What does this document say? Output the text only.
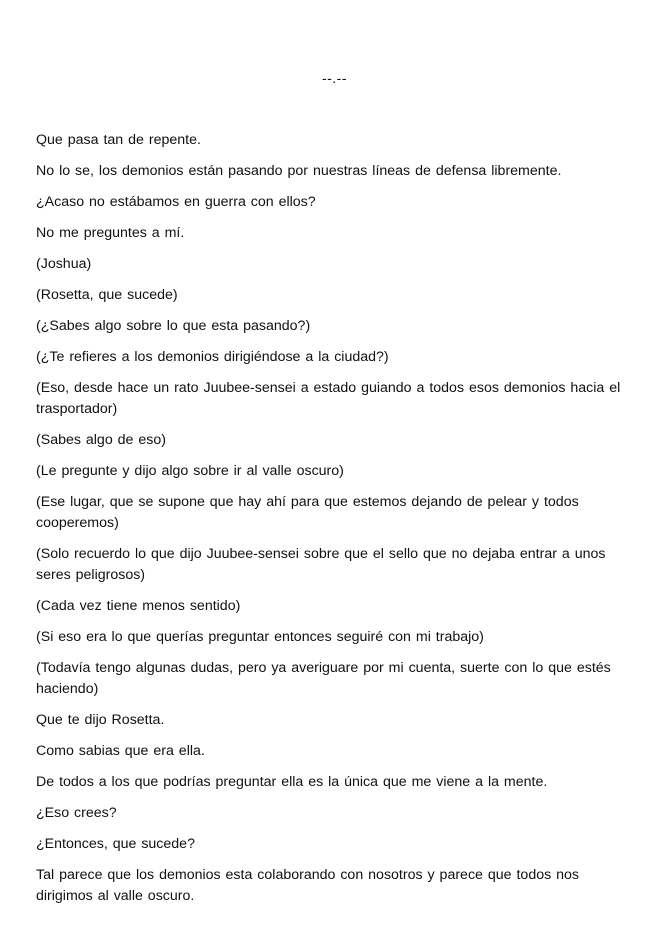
--.--

Que pasa tan de repente.

No lo se, los demonios están pasando por nuestras líneas de defensa libremente.

¿Acaso no estábamos en guerra con ellos?

No me preguntes a mí.

(Joshua)

(Rosetta, que sucede)

(¿Sabes algo sobre lo que esta pasando?)

(¿Te refieres a los demonios dirigiéndose a la ciudad?)

(Eso, desde hace un rato Juubee-sensei a estado guiando a todos esos demonios hacia el trasportador)

(Sabes algo de eso)

(Le pregunte y dijo algo sobre ir al valle oscuro)

(Ese lugar, que se supone que hay ahí para que estemos dejando de pelear y todos cooperemos)

(Solo recuerdo lo que dijo Juubee-sensei sobre que el sello que no dejaba entrar a unos seres peligrosos)

(Cada vez tiene menos sentido)

(Si eso era lo que querías preguntar entonces seguiré con mi trabajo)

(Todavía tengo algunas dudas, pero ya averiguare por mi cuenta, suerte con lo que estés haciendo)

Que te dijo Rosetta.

Como sabias que era ella.

De todos a los que podrías preguntar ella es la única que me viene a la mente.

¿Eso crees?

¿Entonces, que sucede?

Tal parece que los demonios esta colaborando con nosotros y parece que todos nos dirigimos al valle oscuro.
